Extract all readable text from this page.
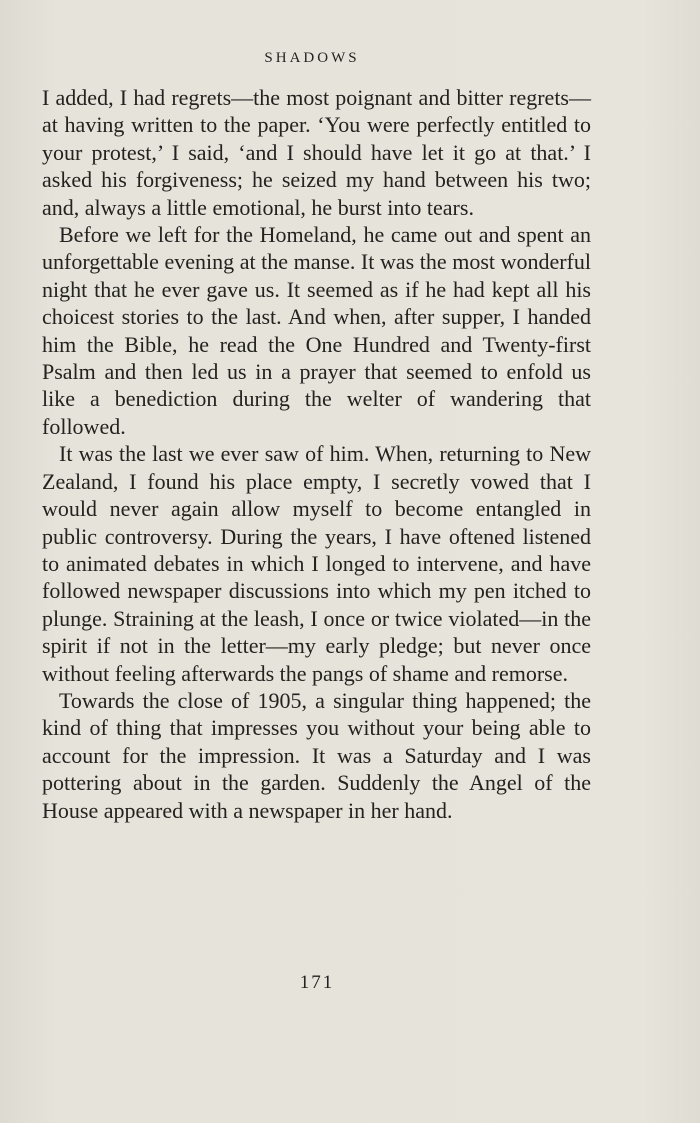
SHADOWS

I added, I had regrets—the most poignant and bitter regrets—at having written to the paper. ‘You were perfectly entitled to your protest,’ I said, ‘and I should have let it go at that.’ I asked his forgiveness; he seized my hand between his two; and, always a little emotional, he burst into tears.

Before we left for the Homeland, he came out and spent an unforgettable evening at the manse. It was the most wonderful night that he ever gave us. It seemed as if he had kept all his choicest stories to the last. And when, after supper, I handed him the Bible, he read the One Hundred and Twenty-first Psalm and then led us in a prayer that seemed to enfold us like a benediction during the welter of wandering that followed.

It was the last we ever saw of him. When, returning to New Zealand, I found his place empty, I secretly vowed that I would never again allow myself to become entangled in public controversy. During the years, I have oftened listened to animated debates in which I longed to intervene, and have followed newspaper discussions into which my pen itched to plunge. Straining at the leash, I once or twice violated—in the spirit if not in the letter—my early pledge; but never once without feeling afterwards the pangs of shame and remorse.

Towards the close of 1905, a singular thing happened; the kind of thing that impresses you without your being able to account for the impression. It was a Saturday and I was pottering about in the garden. Suddenly the Angel of the House appeared with a newspaper in her hand.

171
